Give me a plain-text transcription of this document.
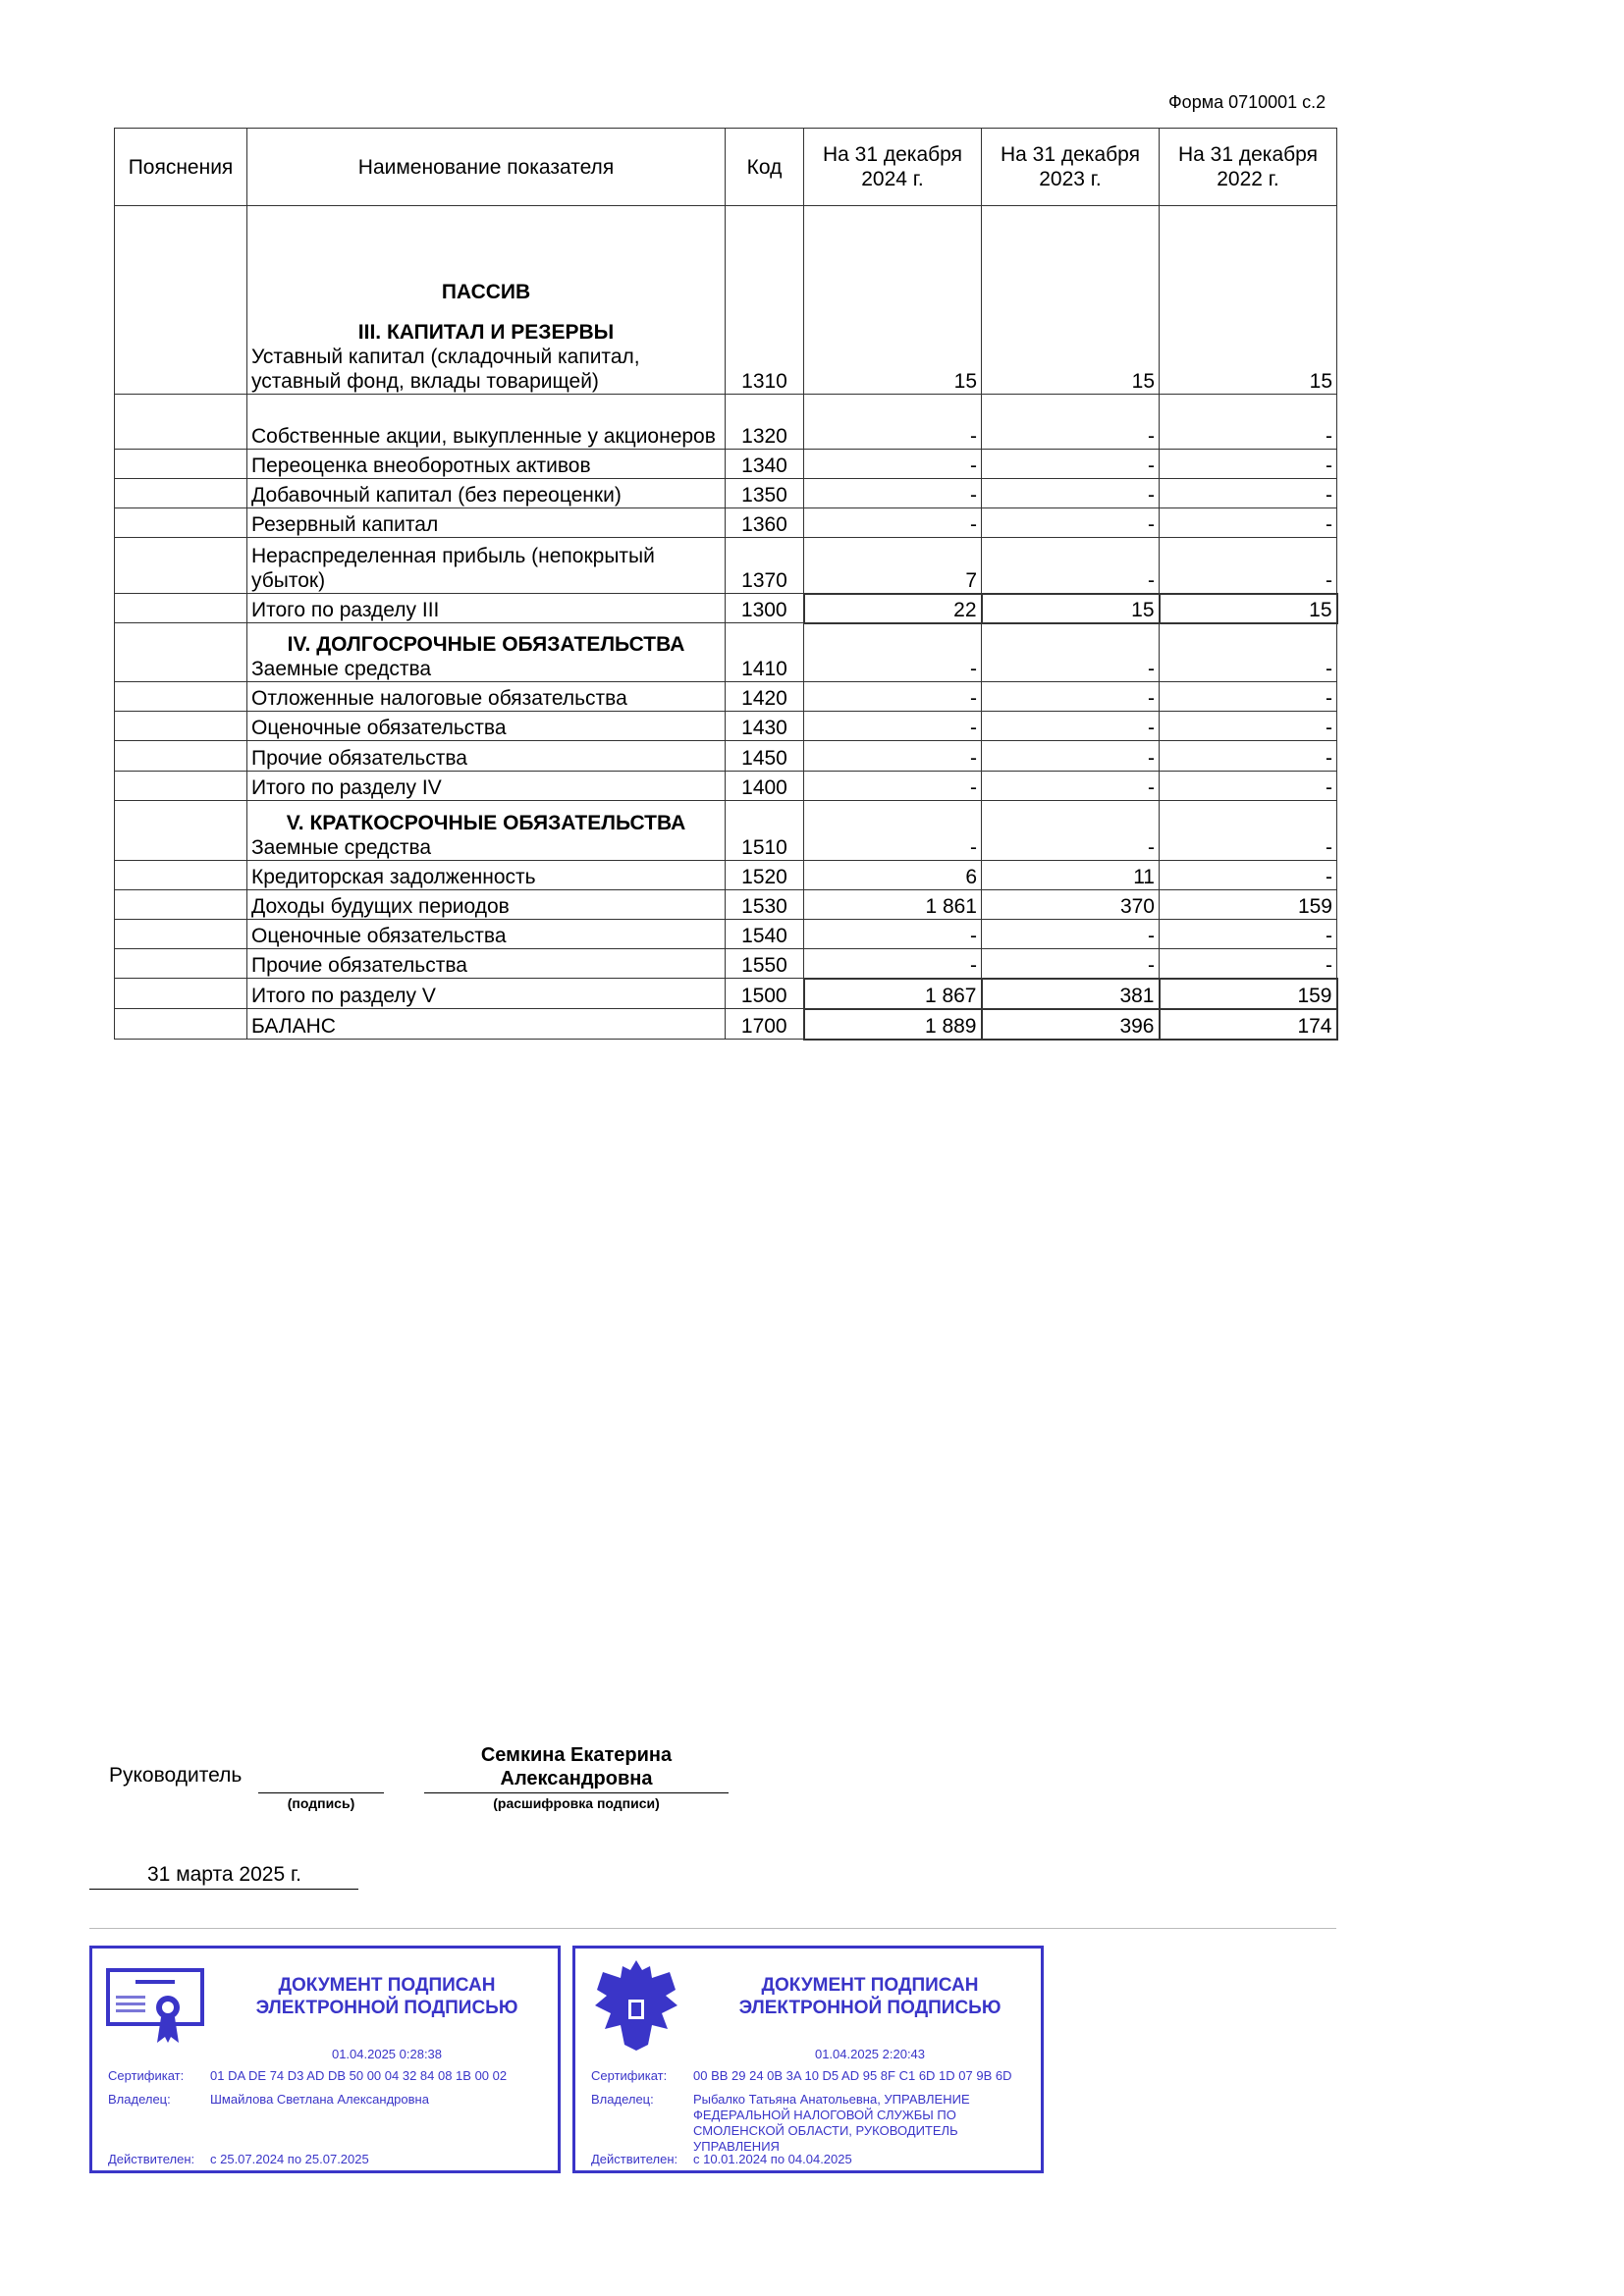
Форма 0710001 с.2
Пояснения	Наименование показателя	Код	На 31 декабря 2024 г.	На 31 декабря 2023 г.	На 31 декабря 2022 г.

	ПАССИВ
III. КАПИТАЛ И РЕЗЕРВЫ
Уставный капитал (складочный капитал, уставный фонд, вклады товарищей)	1310	15	15	15
	Собственные акции, выкупленные у акционеров	1320	-	-	-
	Переоценка внеоборотных активов	1340	-	-	-
	Добавочный капитал (без переоценки)	1350	-	-	-
	Резервный капитал	1360	-	-	-
	Нераспределенная прибыль (непокрытый убыток)	1370	7	-	-
	Итого по разделу III	1300	22	15	15

	IV. ДОЛГОСРОЧНЫЕ ОБЯЗАТЕЛЬСТВА
Заемные средства	1410	-	-	-
	Отложенные налоговые обязательства	1420	-	-	-
	Оценочные обязательства	1430	-	-	-
	Прочие обязательства	1450	-	-	-
	Итого по разделу IV	1400	-	-	-

	V. КРАТКОСРОЧНЫЕ ОБЯЗАТЕЛЬСТВА
Заемные средства	1510	-	-	-
	Кредиторская задолженность	1520	6	11	-
	Доходы будущих периодов	1530	1 861	370	159
	Оценочные обязательства	1540	-	-	-
	Прочие обязательства	1550	-	-	-
	Итого по разделу V	1500	1 867	381	159
	БАЛАНС	1700	1 889	396	174
Руководитель
(подпись)
Семкина Екатерина Александровна
(расшифровка подписи)
31 марта 2025 г.
ДОКУМЕНТ ПОДПИСАН ЭЛЕКТРОННОЙ ПОДПИСЬЮ
01.04.2025 0:28:38
Сертификат: 01 DA DE 74 D3 AD DB 50 00 04 32 84 08 1B 00 02
Владелец:	Шмайлова Светлана Александровна
Действителен: с 25.07.2024 по 25.07.2025
ДОКУМЕНТ ПОДПИСАН ЭЛЕКТРОННОЙ ПОДПИСЬЮ
01.04.2025 2:20:43
Сертификат: 00 BB 29 24 0B 3A 10 D5 AD 95 8F C1 6D 1D 07 9B 6D
Владелец:	Рыбалко Татьяна Анатольевна, УПРАВЛЕНИЕ ФЕДЕРАЛЬНОЙ НАЛОГОВОЙ СЛУЖБЫ ПО СМОЛЕНСКОЙ ОБЛАСТИ, РУКОВОДИТЕЛЬ УПРАВЛЕНИЯ
Действителен: с 10.01.2024 по 04.04.2025
